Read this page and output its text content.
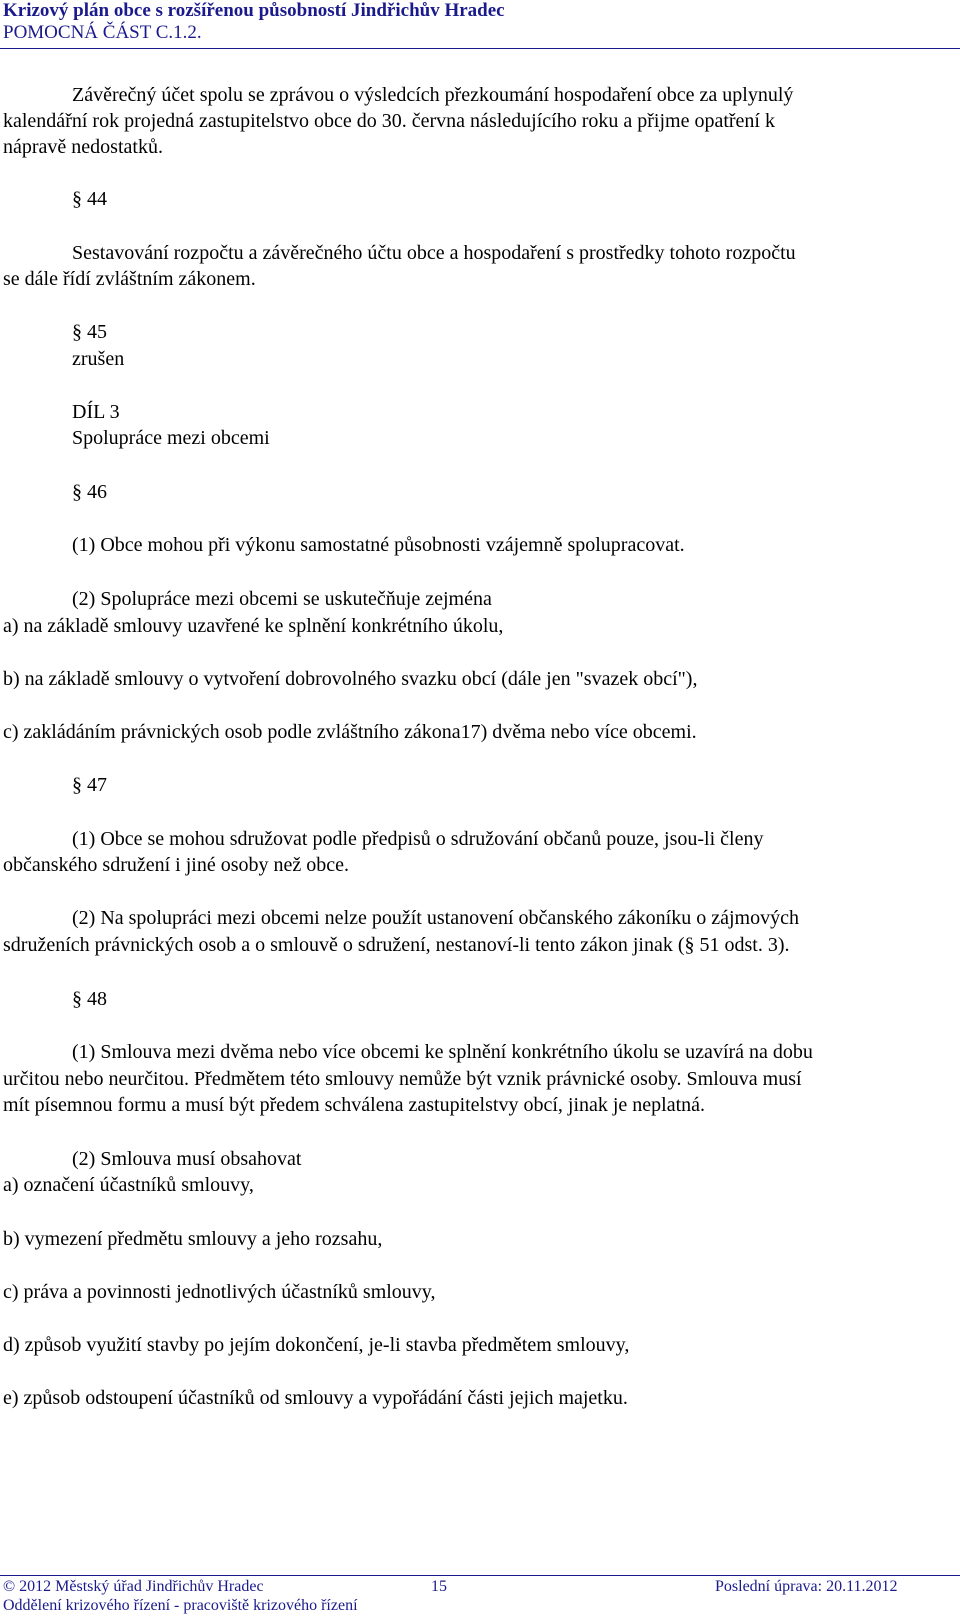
Krizový plán obce s rozšířenou působností Jindřichův Hradec
POMOCNÁ ČÁST C.1.2.
Závěrečný účet spolu se zprávou o výsledcích přezkoumání hospodaření obce za uplynulý
kalendářní rok projedná zastupitelstvo obce do 30. června následujícího roku a přijme opatření k
nápravě nedostatků.
§ 44
Sestavování rozpočtu a závěrečného účtu obce a hospodaření s prostředky tohoto rozpočtu
se dále řídí zvláštním zákonem.
§ 45
zrušen
DÍL 3
Spolupráce mezi obcemi
§ 46
(1) Obce mohou při výkonu samostatné působnosti vzájemně spolupracovat.
(2) Spolupráce mezi obcemi se uskutečňuje zejména
a) na základě smlouvy uzavřené ke splnění konkrétního úkolu,
b) na základě smlouvy o vytvoření dobrovolného svazku obcí (dále jen "svazek obcí"),
c) zakládáním právnických osob podle zvláštního zákona17) dvěma nebo více obcemi.
§ 47
(1) Obce se mohou sdružovat podle předpisů o sdružování občanů pouze, jsou-li členy
občanského sdružení i jiné osoby než obce.
(2) Na spolupráci mezi obcemi nelze použít ustanovení občanského zákoníku o zájmových
sdruženích právnických osob a o smlouvě o sdružení, nestanoví-li tento zákon jinak (§ 51 odst. 3).
§ 48
(1) Smlouva mezi dvěma nebo více obcemi ke splnění konkrétního úkolu se uzavírá na dobu
určitou nebo neurčitou. Předmětem této smlouvy nemůže být vznik právnické osoby. Smlouva musí
mít písemnou formu a musí být předem schválena zastupitelstvy obcí, jinak je neplatná.
(2) Smlouva musí obsahovat
a) označení účastníků smlouvy,
b) vymezení předmětu smlouvy a jeho rozsahu,
c) práva a povinnosti jednotlivých účastníků smlouvy,
d) způsob využití stavby po jejím dokončení, je-li stavba předmětem smlouvy,
e) způsob odstoupení účastníků od smlouvy a vypořádání části jejich majetku.
© 2012 Městský úřad Jindřichův Hradec	15	Poslední úprava: 20.11.2012
Oddělení krizového řízení - pracoviště krizového řízení
